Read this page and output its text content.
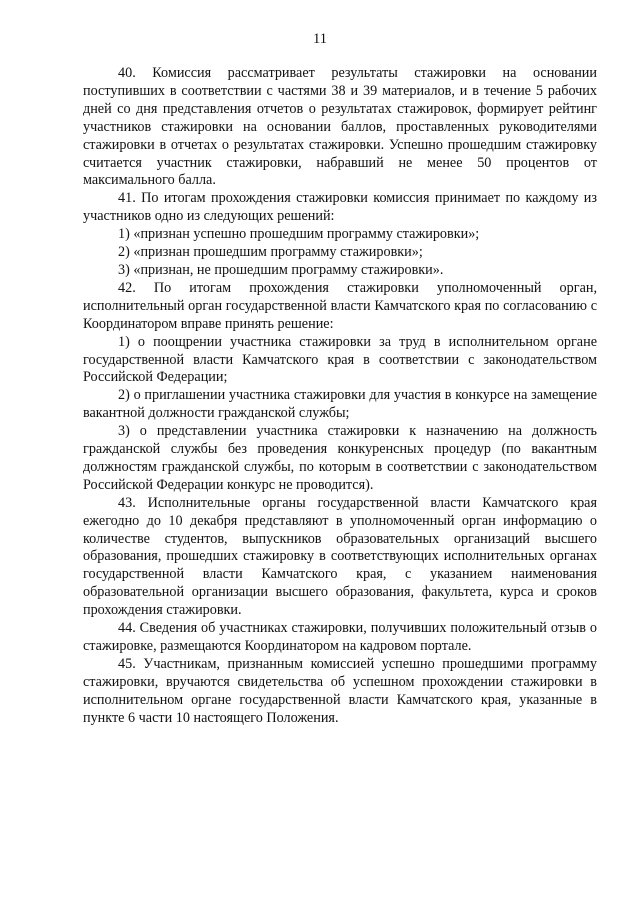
11

40. Комиссия рассматривает результаты стажировки на основании поступивших в соответствии с частями 38 и 39 материалов, и в течение 5 рабочих дней со дня представления отчетов о результатах стажировок, формирует рейтинг участников стажировки на основании баллов, проставленных руководителями стажировки в отчетах о результатах стажировки. Успешно прошедшим стажировку считается участник стажировки, набравший не менее 50 процентов от максимального балла.

41. По итогам прохождения стажировки комиссия принимает по каждому из участников одно из следующих решений:

1) «признан успешно прошедшим программу стажировки»;

2) «признан прошедшим программу стажировки»;

3) «признан, не прошедшим программу стажировки».

42. По итогам прохождения стажировки уполномоченный орган, исполнительный орган государственной власти Камчатского края по согласованию с Координатором вправе принять решение:

1) о поощрении участника стажировки за труд в исполнительном органе государственной власти Камчатского края в соответствии с законодательством Российской Федерации;

2) о приглашении участника стажировки для участия в конкурсе на замещение вакантной должности гражданской службы;

3) о представлении участника стажировки к назначению на должность гражданской службы без проведения конкуренсных процедур (по вакантным должностям гражданской службы, по которым в соответствии с законодательством Российской Федерации конкурс не проводится).

43. Исполнительные органы государственной власти Камчатского края ежегодно до 10 декабря представляют в уполномоченный орган информацию о количестве студентов, выпускников образовательных организаций высшего образования, прошедших стажировку в соответствующих исполнительных органах государственной власти Камчатского края, с указанием наименования образовательной организации высшего образования, факультета, курса и сроков прохождения стажировки.

44. Сведения об участниках стажировки, получивших положительный отзыв о стажировке, размещаются Координатором на кадровом портале.

45. Участникам, признанным комиссией успешно прошедшими программу стажировки, вручаются свидетельства об успешном прохождении стажировки в исполнительном органе государственной власти Камчатского края, указанные в пункте 6 части 10 настоящего Положения.
